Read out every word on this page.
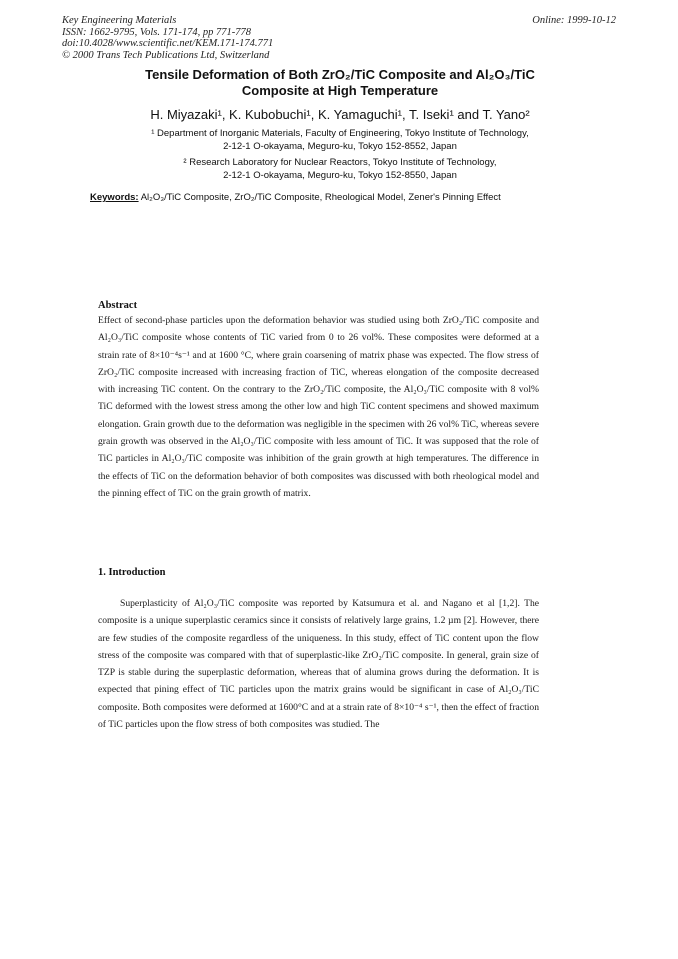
Key Engineering Materials
ISSN: 1662-9795, Vols. 171-174, pp 771-778
doi:10.4028/www.scientific.net/KEM.171-174.771
© 2000 Trans Tech Publications Ltd, Switzerland
Online: 1999-10-12
Tensile Deformation of Both ZrO₂/TiC Composite and Al₂O₃/TiC
Composite at High Temperature
H. Miyazaki¹, K. Kubobuchi¹, K. Yamaguchi¹, T. Iseki¹ and T. Yano²
¹ Department of Inorganic Materials, Faculty of Engineering, Tokyo Institute of Technology,
2-12-1 O-okayama, Meguro-ku, Tokyo 152-8552, Japan
² Research Laboratory for Nuclear Reactors, Tokyo Institute of Technology,
2-12-1 O-okayama, Meguro-ku, Tokyo 152-8550, Japan
Keywords: Al₂O₃/TiC Composite, ZrO₂/TiC Composite, Rheological Model, Zener's Pinning Effect
Abstract
Effect of second-phase particles upon the deformation behavior was studied using both ZrO₂/TiC composite and Al₂O₃/TiC composite whose contents of TiC varied from 0 to 26 vol%. These composites were deformed at a strain rate of 8×10⁻⁴s⁻¹ and at 1600 °C, where grain coarsening of matrix phase was expected. The flow stress of ZrO₂/TiC composite increased with increasing fraction of TiC, whereas elongation of the composite decreased with increasing TiC content. On the contrary to the ZrO₂/TiC composite, the Al₂O₃/TiC composite with 8 vol% TiC deformed with the lowest stress among the other low and high TiC content specimens and showed maximum elongation. Grain growth due to the deformation was negligible in the specimen with 26 vol% TiC, whereas severe grain growth was observed in the Al₂O₃/TiC composite with less amount of TiC. It was supposed that the role of TiC particles in Al₂O₃/TiC composite was inhibition of the grain growth at high temperatures. The difference in the effects of TiC on the deformation behavior of both composites was discussed with both rheological model and the pinning effect of TiC on the grain growth of matrix.
1. Introduction
Superplasticity of Al₂O₃/TiC composite was reported by Katsumura et al. and Nagano et al [1,2]. The composite is a unique superplastic ceramics since it consists of relatively large grains, 1.2 µm [2]. However, there are few studies of the composite regardless of the uniqueness. In this study, effect of TiC content upon the flow stress of the composite was compared with that of superplastic-like ZrO₂/TiC composite. In general, grain size of TZP is stable during the superplastic deformation, whereas that of alumina grows during the deformation. It is expected that pining effect of TiC particles upon the matrix grains would be significant in case of Al₂O₃/TiC composite. Both composites were deformed at 1600°C and at a strain rate of 8×10⁻⁴ s⁻¹, then the effect of fraction of TiC particles upon the flow stress of both composites was studied. The
